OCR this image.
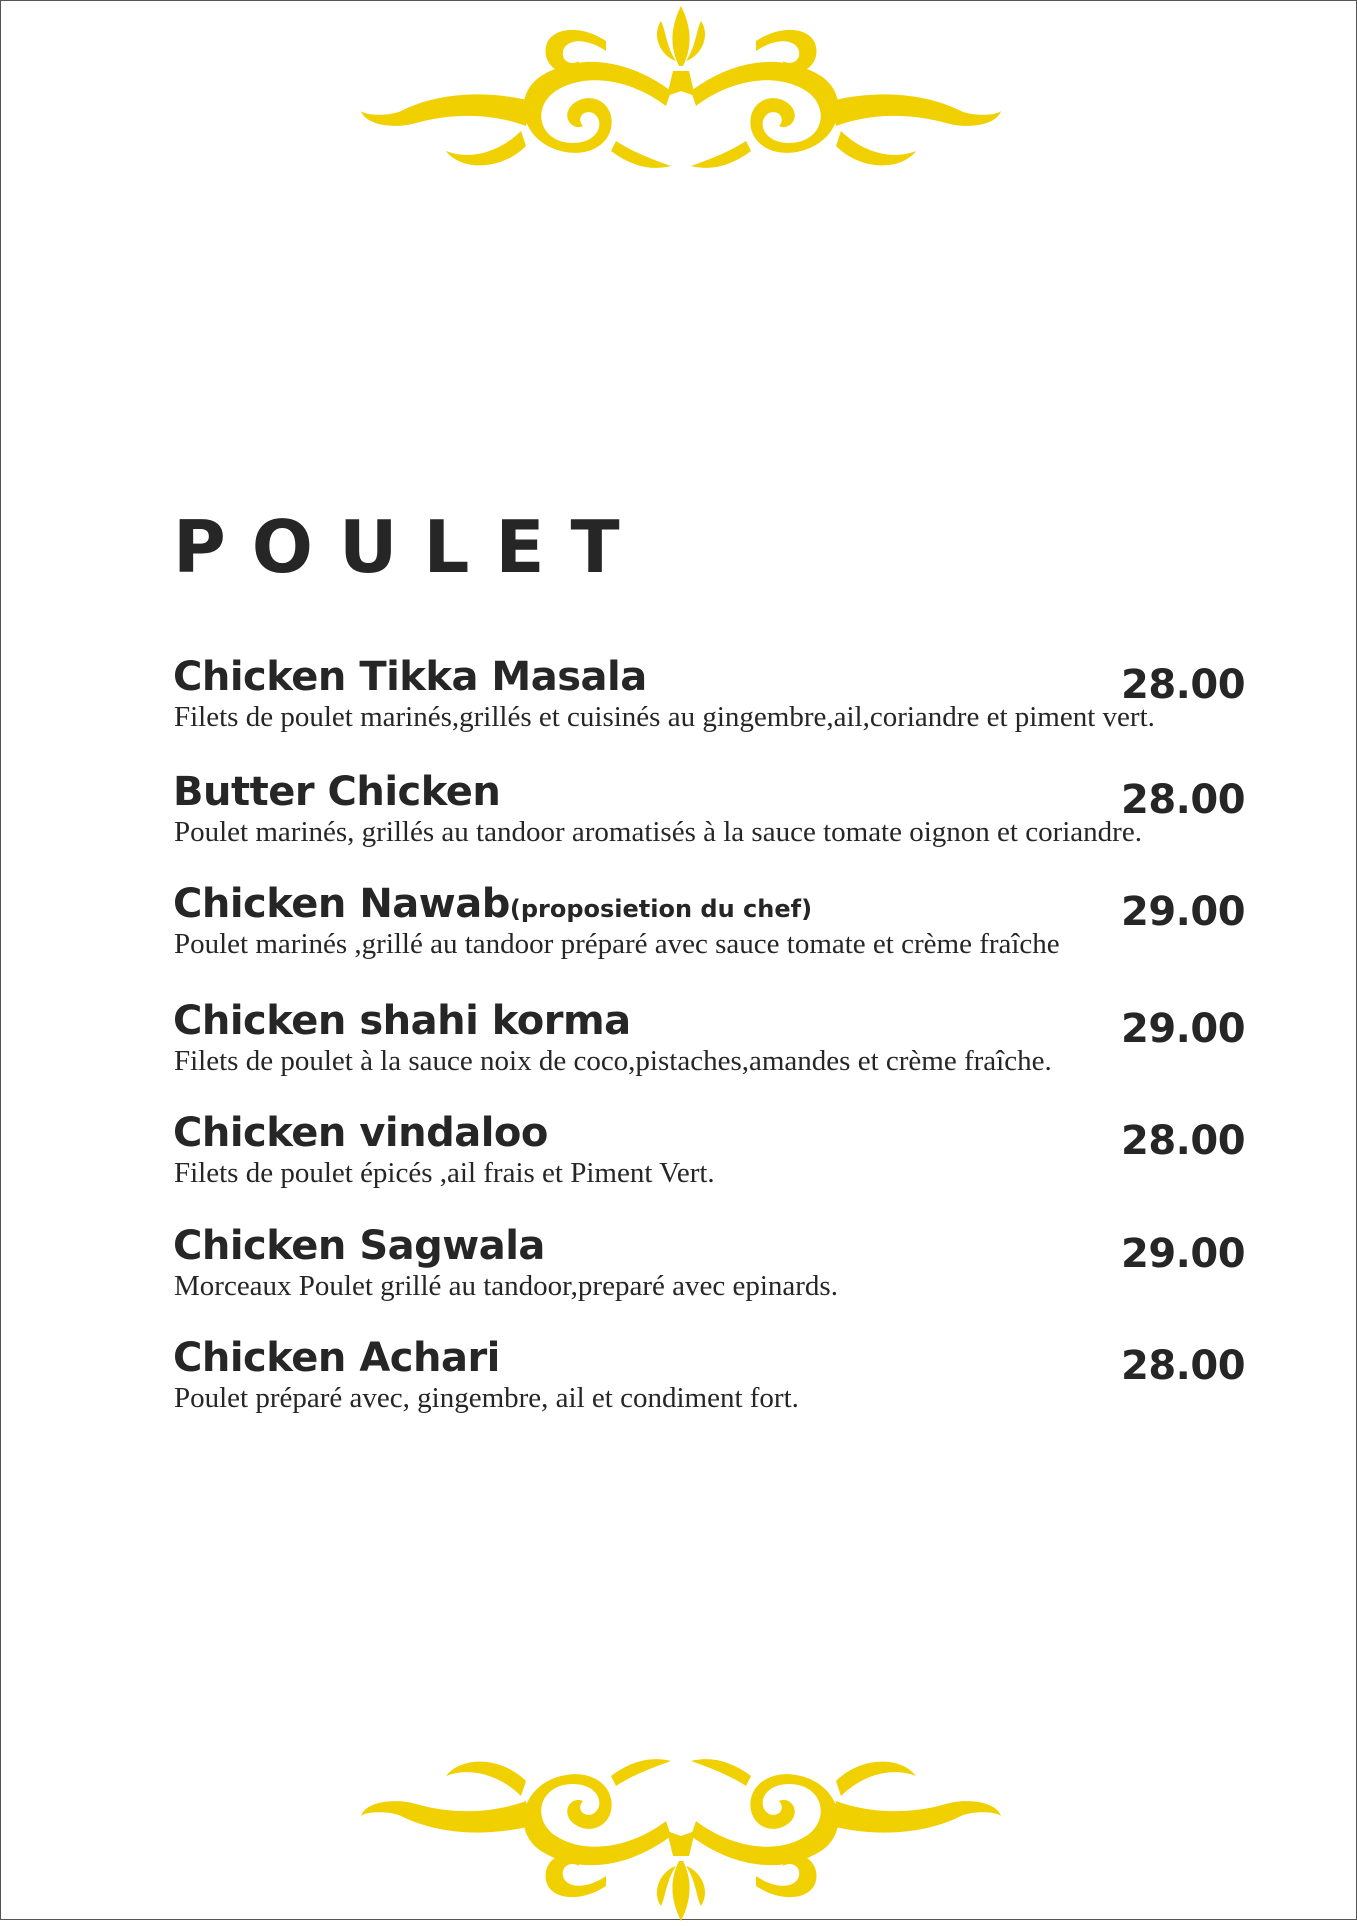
POULET
Chicken Tikka Masala	28.00
Filets de poulet marinés,grillés et cuisinés au gingembre,ail,coriandre et piment vert.
Butter Chicken	28.00
Poulet marinés, grillés au tandoor aromatisés à la sauce tomate oignon et coriandre.
Chicken Nawab(proposietion du chef)	29.00
Poulet marinés ,grillé au tandoor préparé avec sauce tomate et crème fraîche
Chicken shahi korma	29.00
Filets de poulet à la sauce noix de coco,pistaches,amandes et crème fraîche.
Chicken vindaloo	28.00
Filets de poulet épicés ,ail frais et Piment Vert.
Chicken Sagwala	29.00
Morceaux Poulet grillé au tandoor,preparé avec epinards.
Chicken Achari	28.00
Poulet préparé avec, gingembre, ail et condiment fort.
